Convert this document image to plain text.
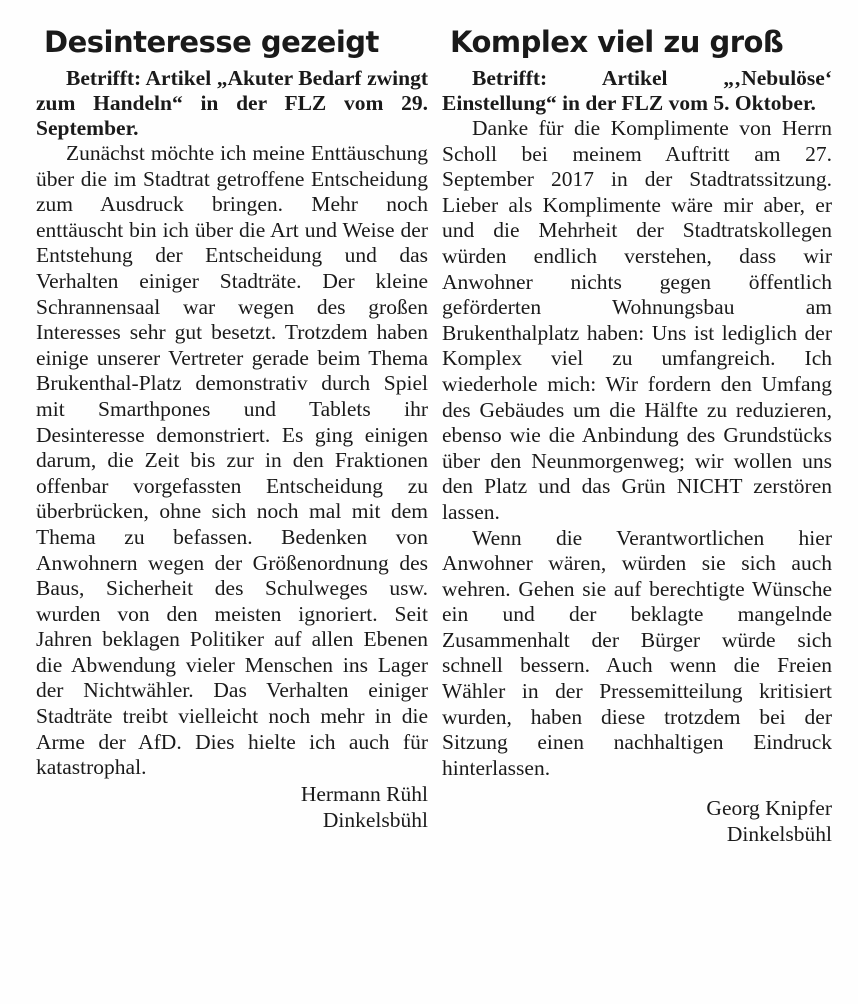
Desinteresse gezeigt

Betrifft: Artikel „Akuter Bedarf zwingt zum Handeln“ in der FLZ vom 29. September.

Zunächst möchte ich meine Enttäuschung über die im Stadtrat getroffene Entscheidung zum Ausdruck bringen. Mehr noch enttäuscht bin ich über die Art und Weise der Entstehung der Entscheidung und das Verhalten einiger Stadträte. Der kleine Schrannensaal war wegen des großen Interesses sehr gut besetzt. Trotzdem haben einige unserer Vertreter gerade beim Thema Brukenthal-Platz demonstrativ durch Spiel mit Smarthpones und Tablets ihr Desinteresse demonstriert. Es ging einigen darum, die Zeit bis zur in den Fraktionen offenbar vorgefassten Entscheidung zu überbrücken, ohne sich noch mal mit dem Thema zu befassen. Bedenken von Anwohnern wegen der Größenordnung des Baus, Sicherheit des Schulweges usw. wurden von den meisten ignoriert. Seit Jahren beklagen Politiker auf allen Ebenen die Abwendung vieler Menschen ins Lager der Nichtwähler. Das Verhalten einiger Stadträte treibt vielleicht noch mehr in die Arme der AfD. Dies hielte ich auch für katastrophal.

Hermann Rühl
Dinkelsbühl
Komplex viel zu groß

Betrifft: Artikel „‚Nebulöse‘ Einstellung“ in der FLZ vom 5. Oktober.

Danke für die Komplimente von Herrn Scholl bei meinem Auftritt am 27. September 2017 in der Stadtratssitzung. Lieber als Komplimente wäre mir aber, er und die Mehrheit der Stadtratskollegen würden endlich verstehen, dass wir Anwohner nichts gegen öffentlich geförderten Wohnungsbau am Brukenthalplatz haben: Uns ist lediglich der Komplex viel zu umfangreich. Ich wiederhole mich: Wir fordern den Umfang des Gebäudes um die Hälfte zu reduzieren, ebenso wie die Anbindung des Grundstücks über den Neunmorgenweg; wir wollen uns den Platz und das Grün NICHT zerstören lassen.

Wenn die Verantwortlichen hier Anwohner wären, würden sie sich auch wehren. Gehen sie auf berechtigte Wünsche ein und der beklagte mangelnde Zusammenhalt der Bürger würde sich schnell bessern. Auch wenn die Freien Wähler in der Pressemitteilung kritisiert wurden, haben diese trotzdem bei der Sitzung einen nachhaltigen Eindruck hinterlassen.

Georg Knipfer
Dinkelsbühl
